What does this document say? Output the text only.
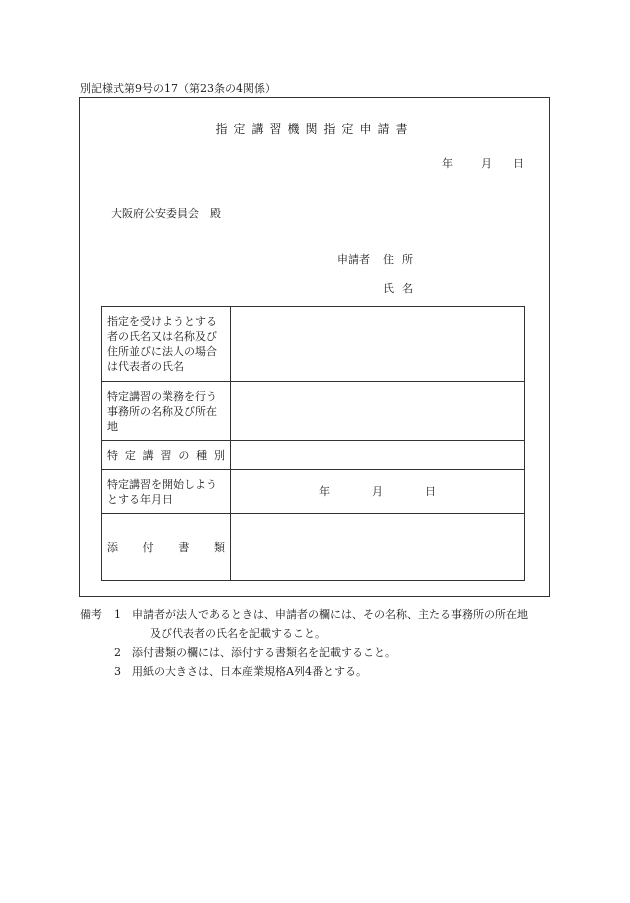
別記様式第9号の17（第23条の4関係）
指定講習機関指定申請書
年	月 日
大阪府公安委員会　殿
申請者 住所
氏名
指定を受けようとする者の氏名又は名称及び住所並びに法人の場合は代表者の氏名	
特定講習の業務を行う事務所の名称及び所在地	

特定講習の種別	

特定講習を開始しようとする年月日	年 月 日

添付書類	

備考 1 申請者が法人であるときは、申請者の欄には、その名称、主たる事務所の所在地
及び代表者の氏名を記載すること。
2 添付書類の欄には、添付する書類名を記載すること。
3 用紙の大きさは、日本産業規格A列4番とする。
